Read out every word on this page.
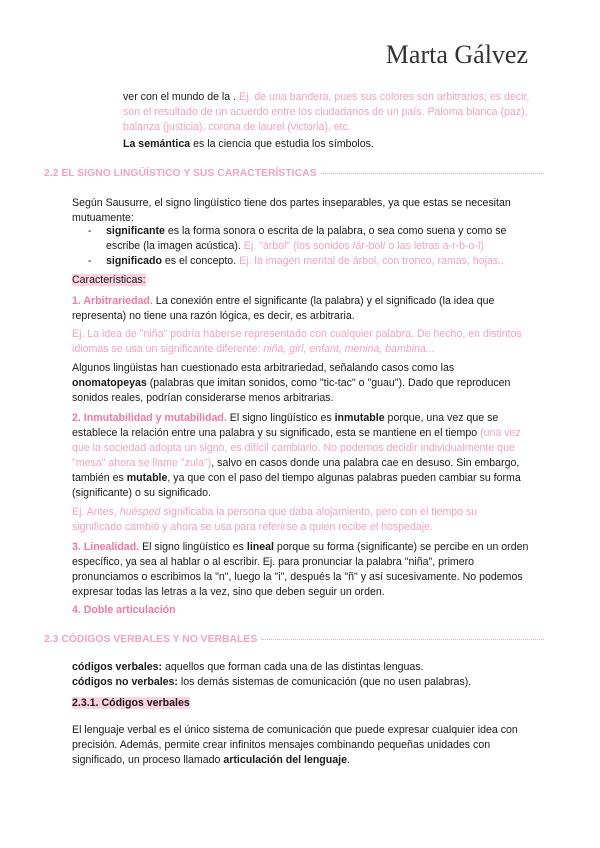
Marta Gálvez
ver con el mundo de la . Ej. de una bandera, pues sus colores son arbitrarios; es decir, son el resultado de un acuerdo entre los ciudadanos de un país. Paloma blanca (paz), balanza (justicia), corona de laurel (victoria), etc.
La semántica es la ciencia que estudia los símbolos.
2.2 EL SIGNO LINGÜÍSTICO Y SUS CARACTERÍSTICAS
Según Sausurre, el signo lingüístico tiene dos partes inseparables, ya que estas se necesitan mutuamente:
- significante es la forma sonora o escrita de la palabra, o sea como suena y como se escribe (la imagen acústica). Ej. "árbol" (los sonidos /ár-bol/ o las letras a-r-b-o-l)
- significado es el concepto. Ej. la imagen mental de árbol, con tronco, ramas, hojas..
Características:
1. Arbitrariedad. La conexión entre el significante (la palabra) y el significado (la idea que representa) no tiene una razón lógica, es decir, es arbitraria.
Ej. La idea de "niña" podría haberse representado con cualquier palabra. De hecho, en distintos idiomas se usa un significante diferente: niña, girl, enfant, menina, bambina...
Algunos lingüistas han cuestionado esta arbitrariedad, señalando casos como las onomatopeyas (palabras que imitan sonidos, como "tic-tac" o "guau"). Dado que reproducen sonidos reales, podrían considerarse menos arbitrarias.
2. Inmutabilidad y mutabilidad. El signo lingüístico es inmutable porque, una vez que se establece la relación entre una palabra y su significado, esta se mantiene en el tiempo (una vez que la sociedad adopta un signo, es difícil cambiarlo. No podemos decidir individualmente que "mesa" ahora se llame "zula"), salvo en casos donde una palabra cae en desuso. Sin embargo, también es mutable, ya que con el paso del tiempo algunas palabras pueden cambiar su forma (significante) o su significado.
Ej. Antes, huésped significaba la persona que daba alojamiento, pero con el tiempo su significado cambió y ahora se usa para referirse a quien recibe el hospedaje.
3. Linealidad. El signo lingüístico es lineal porque su forma (significante) se percibe en un orden específico, ya sea al hablar o al escribir. Ej. para pronunciar la palabra "niña", primero pronunciamos o escribimos la "n", luego la "i", después la "ñ" y así sucesivamente. No podemos expresar todas las letras a la vez, sino que deben seguir un orden.
4. Doble articulación
2.3 CÓDIGOS VERBALES Y NO VERBALES
códigos verbales: aquellos que forman cada una de las distintas lenguas.
códigos no verbales: los demás sistemas de comunicación (que no usen palabras).
2.3.1. Códigos verbales
El lenguaje verbal es el único sistema de comunicación que puede expresar cualquier idea con precisión. Además, permite crear infinitos mensajes combinando pequeñas unidades con significado, un proceso llamado articulación del lenguaje.
